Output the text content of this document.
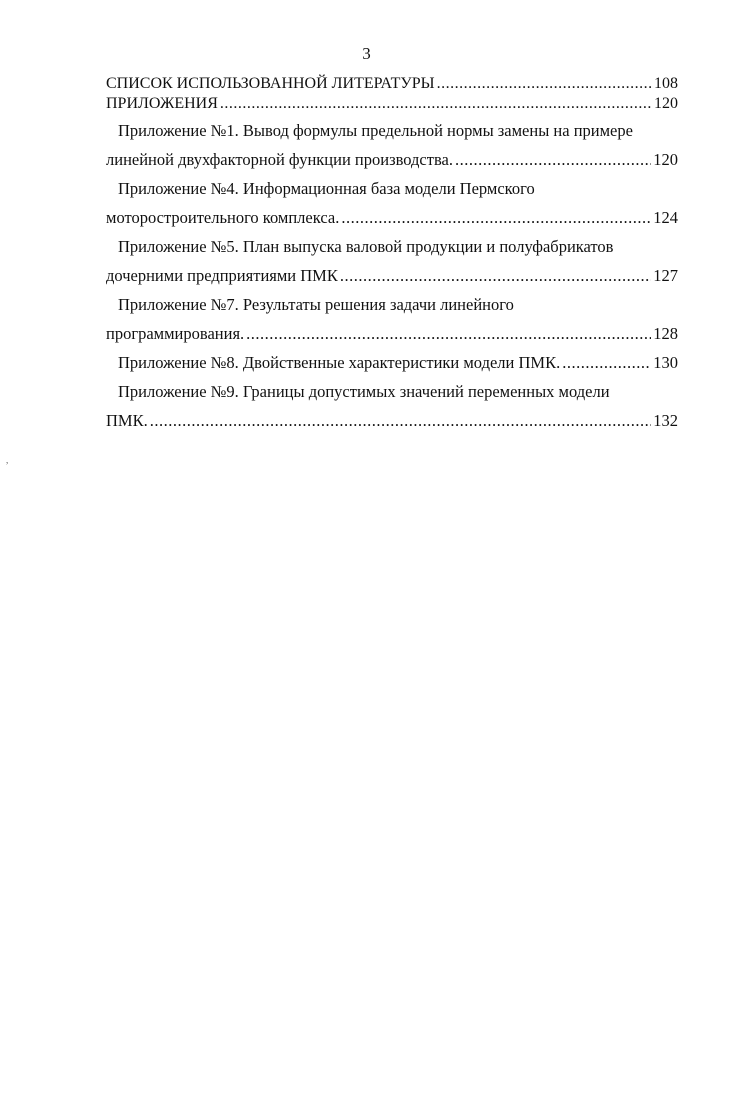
3
СПИСОК ИСПОЛЬЗОВАННОЙ ЛИТЕРАТУРЫ .....	108
ПРИЛОЖЕНИЯ .....	120
Приложение №1. Вывод формулы предельной нормы замены на примере
линейной двухфакторной функции производства. .....	120
Приложение №4. Информационная база модели Пермского
моторостроительного комплекса. .....	124
Приложение №5. План выпуска валовой продукции и полуфабрикатов
дочерними предприятиями ПМК .....	127
Приложение №7. Результаты решения задачи линейного
программирования. .....	128
Приложение №8. Двойственные характеристики модели ПМК. .....	130
Приложение №9. Границы допустимых значений переменных модели
ПМК. .....	132
,
